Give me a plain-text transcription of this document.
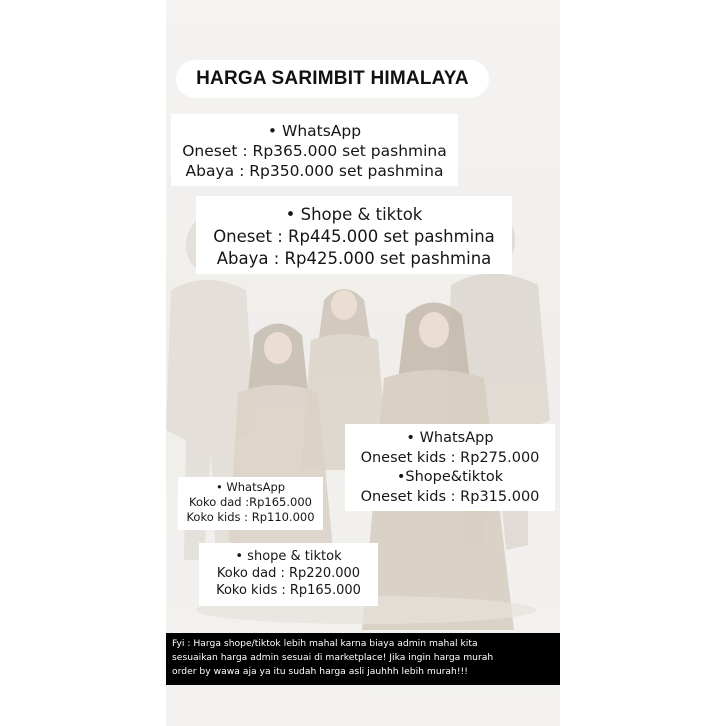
HARGA SARIMBIT HIMALAYA
• WhatsApp
Oneset : Rp365.000 set pashmina
Abaya : Rp350.000 set pashmina
• Shope & tiktok
Oneset : Rp445.000 set pashmina
Abaya : Rp425.000 set pashmina
• WhatsApp
Oneset kids : Rp275.000
•Shope&tiktok
Oneset kids : Rp315.000
• WhatsApp
Koko dad :Rp165.000
Koko kids : Rp110.000
• shope & tiktok
Koko dad : Rp220.000
Koko kids : Rp165.000
Fyi : Harga shope/tiktok lebih mahal karna biaya admin mahal kita
sesuaikan harga admin sesuai di marketplace! Jika ingin harga murah
order by wawa aja ya itu sudah harga asli jauhhh lebih murah!!!
